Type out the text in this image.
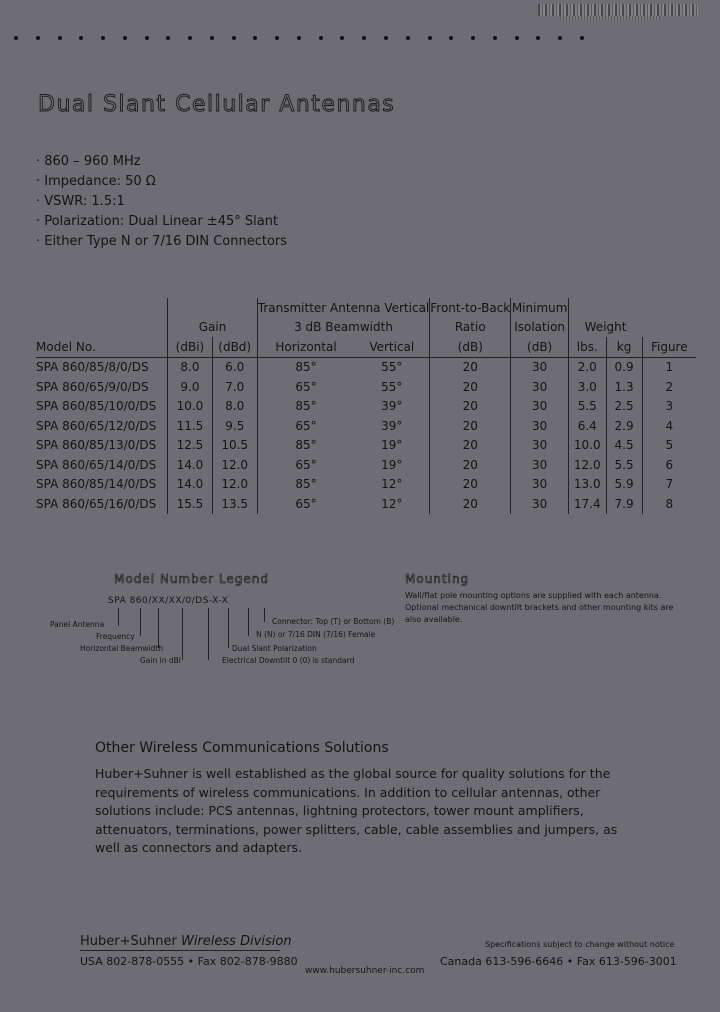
Dual Slant Cellular Antennas
· 860 – 960 MHz
· Impedance: 50 Ω
· VSWR: 1.5:1
· Polarization: Dual Linear ±45° Slant
· Either Type N or 7/16 DIN Connectors
			Transmitter Antenna Vertical		Front-to-Back	Minimum			
	Gain		3 dB Beamwidth		Ratio	Isolation	Weight		
Model No.	(dBi)	(dBd)	Horizontal	Vertical	(dB)	(dB)	lbs.	kg	Figure
SPA 860/85/8/0/DS	8.0	6.0	85°	55°	20	30	2.0	0.9	1
SPA 860/65/9/0/DS	9.0	7.0	65°	55°	20	30	3.0	1.3	2
SPA 860/85/10/0/DS	10.0	8.0	85°	39°	20	30	5.5	2.5	3
SPA 860/65/12/0/DS	11.5	9.5	65°	39°	20	30	6.4	2.9	4
SPA 860/85/13/0/DS	12.5	10.5	85°	19°	20	30	10.0	4.5	5
SPA 860/65/14/0/DS	14.0	12.0	65°	19°	20	30	12.0	5.5	6
SPA 860/85/14/0/DS	14.0	12.0	85°	12°	20	30	13.0	5.9	7
SPA 860/65/16/0/DS	15.5	13.5	65°	12°	20	30	17.4	7.9	8
Model Number Legend
SPA 860/XX/XX/0/DS-X-X
Panel Antenna
Frequency
Horizontal Beamwidth
Gain in dBi
Connector: Top (T) or Bottom (B)
N (N) or 7/16 DIN (7/16) Female
Dual Slant Polarization
Electrical Downtilt 0 (0) is standard
Mounting
Wall/flat pole mounting options are supplied with each antenna. Optional mechanical downtilt brackets and other mounting kits are also available.
Other Wireless Communications Solutions
Huber+Suhner is well established as the global source for quality solutions for the requirements of wireless communications. In addition to cellular antennas, other solutions include: PCS antennas, lightning protectors, tower mount amplifiers, attenuators, terminations, power splitters, cable, cable assemblies and jumpers, as well as connectors and adapters.
Huber+Suhner Wireless Division
USA 802-878-0555 • Fax 802-878-9880
Specifications subject to change without notice
Canada 613-596-6646 • Fax 613-596-3001
www.hubersuhner-inc.com
